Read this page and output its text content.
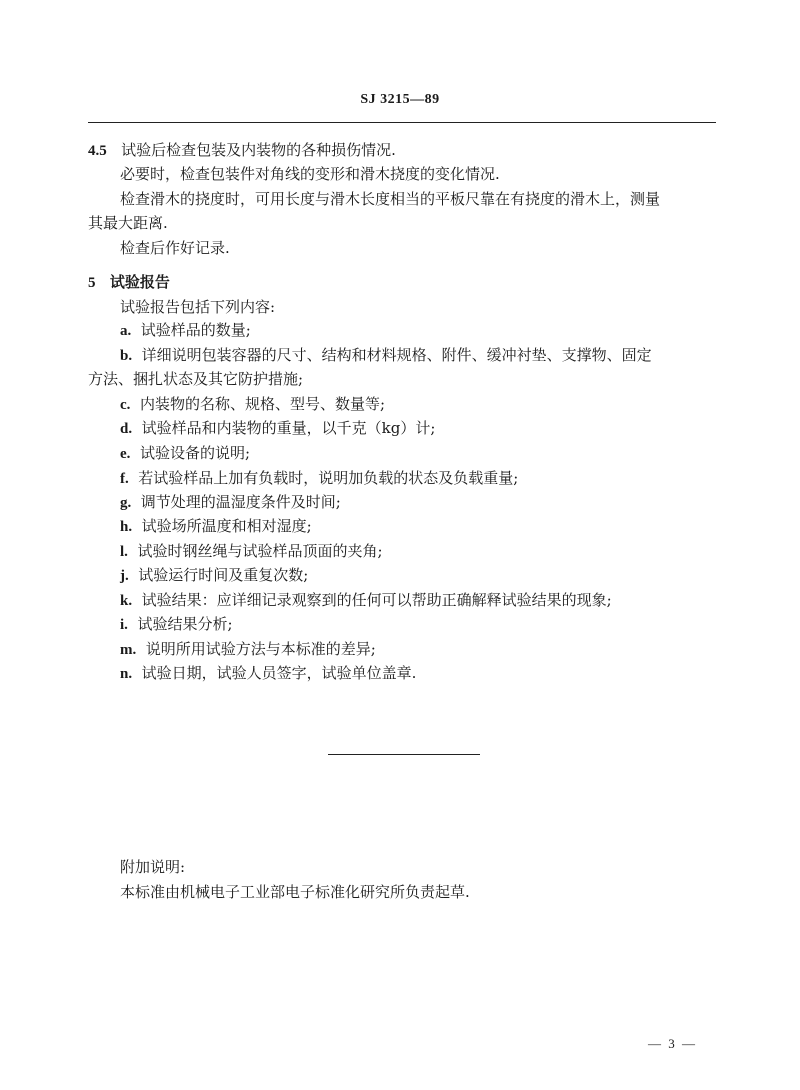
SJ 3215—89
4.5 试验后检查包装及内装物的各种损伤情况.
必要时，检查包装件对角线的变形和滑木挠度的变化情况.
检查滑木的挠度时，可用长度与滑木长度相当的平板尺靠在有挠度的滑木上，测量
其最大距离.
检查后作好记录.
5 试验报告
试验报告包括下列内容:
a. 试验样品的数量;
b. 详细说明包装容器的尺寸、结构和材料规格、附件、缓冲衬垫、支撑物、固定
方法、捆扎状态及其它防护措施;
c. 内装物的名称、规格、型号、数量等;
d. 试验样品和内装物的重量，以千克（kg）计;
e. 试验设备的说明;
f. 若试验样品上加有负载时，说明加负载的状态及负载重量;
g. 调节处理的温湿度条件及时间;
h. 试验场所温度和相对湿度;
l. 试验时钢丝绳与试验样品顶面的夹角;
j. 试验运行时间及重复次数;
k. 试验结果：应详细记录观察到的任何可以帮助正确解释试验结果的现象;
i. 试验结果分析;
m. 说明所用试验方法与本标准的差异;
n. 试验日期，试验人员签字，试验单位盖章.
附加说明:
本标准由机械电子工业部电子标准化研究所负责起草.
— 3 —
